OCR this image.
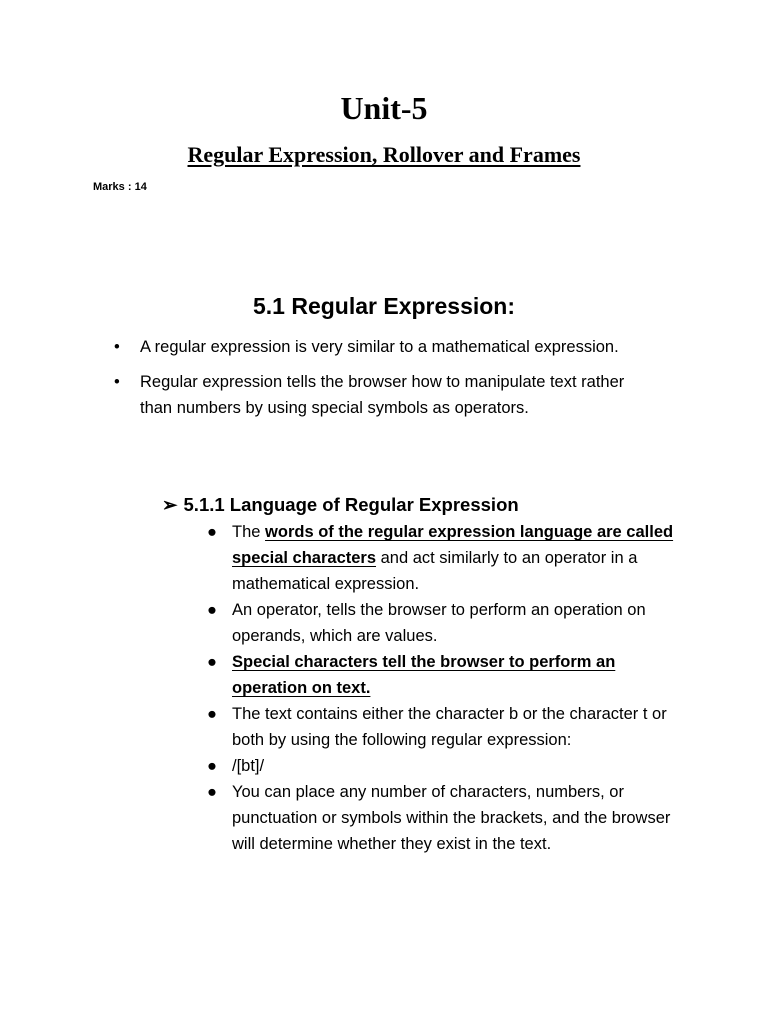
Unit-5
Regular Expression, Rollover and Frames
Marks : 14
5.1 Regular Expression:
• A regular expression is very similar to a mathematical expression.
• Regular expression tells the browser how to manipulate text rather than numbers by using special symbols as operators.
➢ 5.1.1 Language of Regular Expression
● The words of the regular expression language are called special characters and act similarly to an operator in a mathematical expression.
● An operator, tells the browser to perform an operation on operands, which are values.
● Special characters tell the browser to perform an operation on text.
● The text contains either the character b or the character t or both by using the following regular expression:
● /[bt]/
● You can place any number of characters, numbers, or punctuation or symbols within the brackets, and the browser will determine whether they exist in the text.
